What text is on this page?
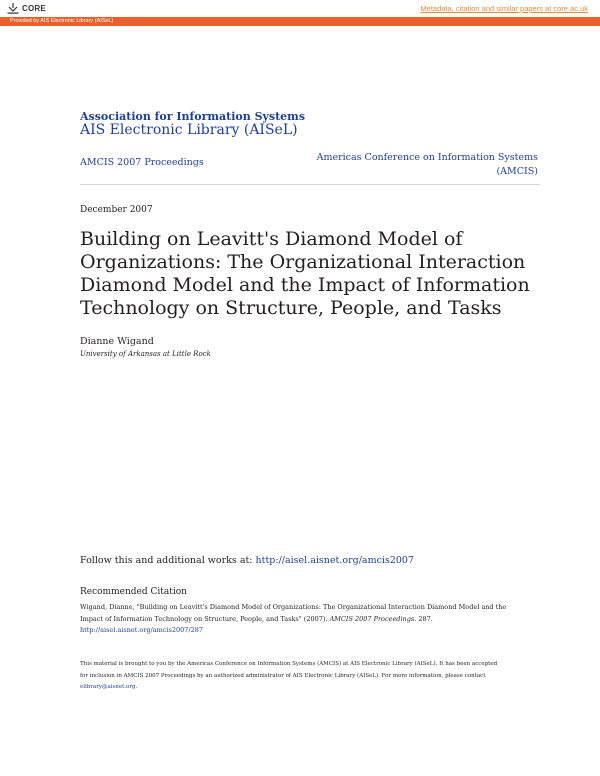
CORE	Metadata, citation and similar papers at core.ac.uk
Provided by AIS Electronic Library (AISeL)
Association for Information Systems
AIS Electronic Library (AISeL)
AMCIS 2007 Proceedings	Americas Conference on Information Systems
(AMCIS)
December 2007
Building on Leavitt's Diamond Model of
Organizations: The Organizational Interaction
Diamond Model and the Impact of Information
Technology on Structure, People, and Tasks
Dianne Wigand
University of Arkansas at Little Rock
Follow this and additional works at: http://aisel.aisnet.org/amcis2007
Recommended Citation
Wigand, Dianne, "Building on Leavitt's Diamond Model of Organizations: The Organizational Interaction Diamond Model and the
Impact of Information Technology on Structure, People, and Tasks" (2007). AMCIS 2007 Proceedings. 287.
http://aisel.aisnet.org/amcis2007/287
This material is brought to you by the Americas Conference on Information Systems (AMCIS) at AIS Electronic Library (AISeL). It has been accepted
for inclusion in AMCIS 2007 Proceedings by an authorized administrator of AIS Electronic Library (AISeL). For more information, please contact
elibrary@aisnet.org.
